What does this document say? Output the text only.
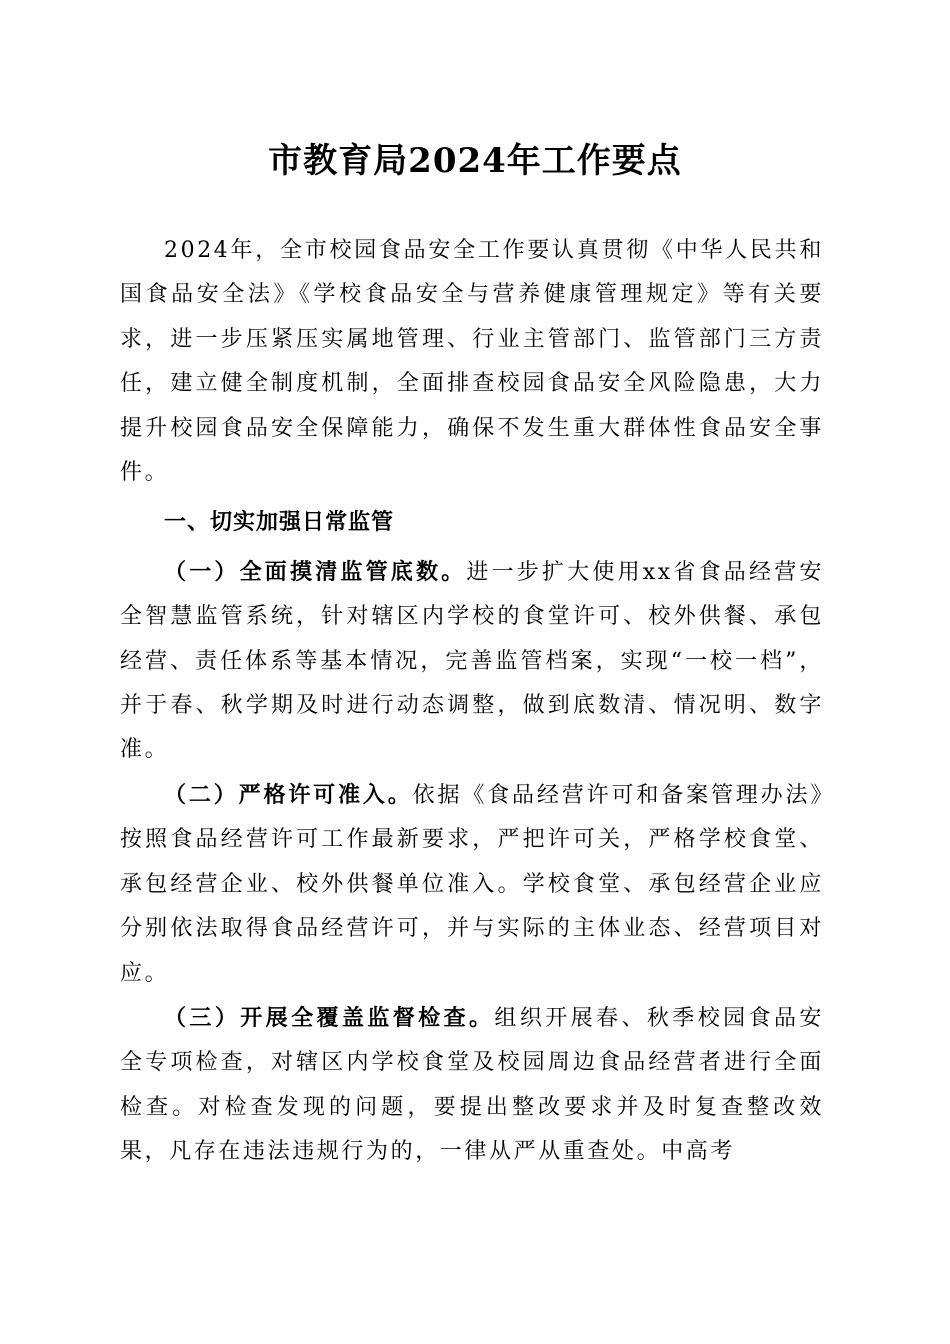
市教育局2024年工作要点

2024年，全市校园食品安全工作要认真贯彻《中华人民共和国食品安全法》《学校食品安全与营养健康管理规定》等有关要求，进一步压紧压实属地管理、行业主管部门、监管部门三方责任，建立健全制度机制，全面排查校园食品安全风险隐患，大力提升校园食品安全保障能力，确保不发生重大群体性食品安全事件。

一、切实加强日常监管

（一）全面摸清监管底数。进一步扩大使用xx省食品经营安全智慧监管系统，针对辖区内学校的食堂许可、校外供餐、承包经营、责任体系等基本情况，完善监管档案，实现“一校一档”，并于春、秋学期及时进行动态调整，做到底数清、情况明、数字准。

（二）严格许可准入。依据《食品经营许可和备案管理办法》按照食品经营许可工作最新要求，严把许可关，严格学校食堂、承包经营企业、校外供餐单位准入。学校食堂、承包经营企业应分别依法取得食品经营许可，并与实际的主体业态、经营项目对应。

（三）开展全覆盖监督检查。组织开展春、秋季校园食品安全专项检查，对辖区内学校食堂及校园周边食品经营者进行全面检查。对检查发现的问题，要提出整改要求并及时复查整改效果，凡存在违法违规行为的，一律从严从重查处。中高考
